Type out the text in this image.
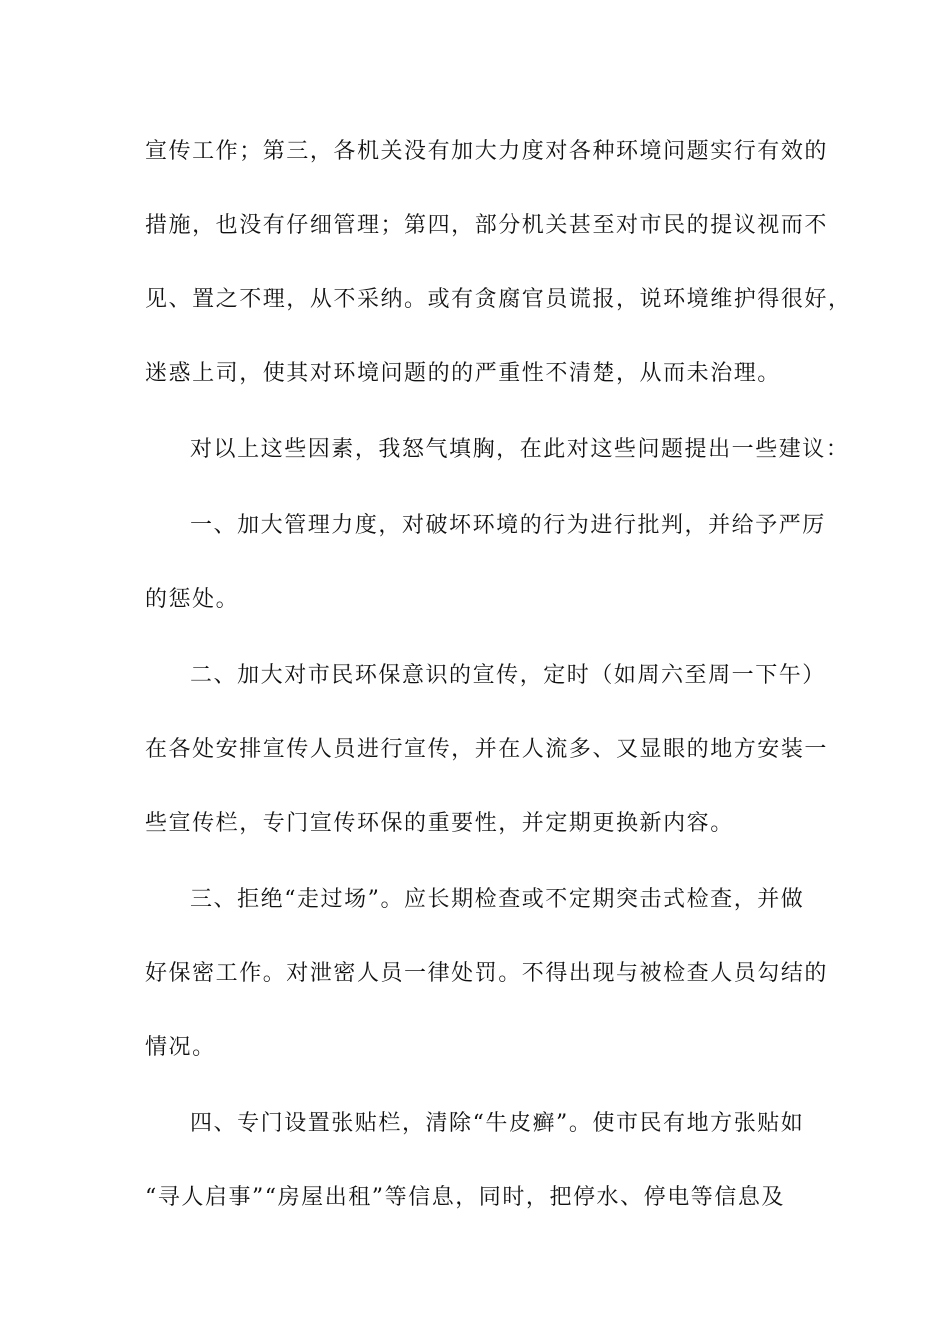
宣传工作；第三，各机关没有加大力度对各种环境问题实行有效的
措施，也没有仔细管理；第四，部分机关甚至对市民的提议视而不
见、置之不理，从不采纳。或有贪腐官员谎报，说环境维护得很好，
迷惑上司，使其对环境问题的的严重性不清楚，从而未治理。
对以上这些因素，我怒气填胸，在此对这些问题提出一些建议：
一、加大管理力度，对破坏环境的行为进行批判，并给予严厉
的惩处。
二、加大对市民环保意识的宣传，定时（如周六至周一下午）
在各处安排宣传人员进行宣传，并在人流多、又显眼的地方安装一
些宣传栏，专门宣传环保的重要性，并定期更换新内容。
三、拒绝“走过场”。应长期检查或不定期突击式检查，并做
好保密工作。对泄密人员一律处罚。不得出现与被检查人员勾结的
情况。
四、专门设置张贴栏，清除“牛皮癣”。使市民有地方张贴如
“寻人启事”“房屋出租”等信息，同时，把停水、停电等信息及
